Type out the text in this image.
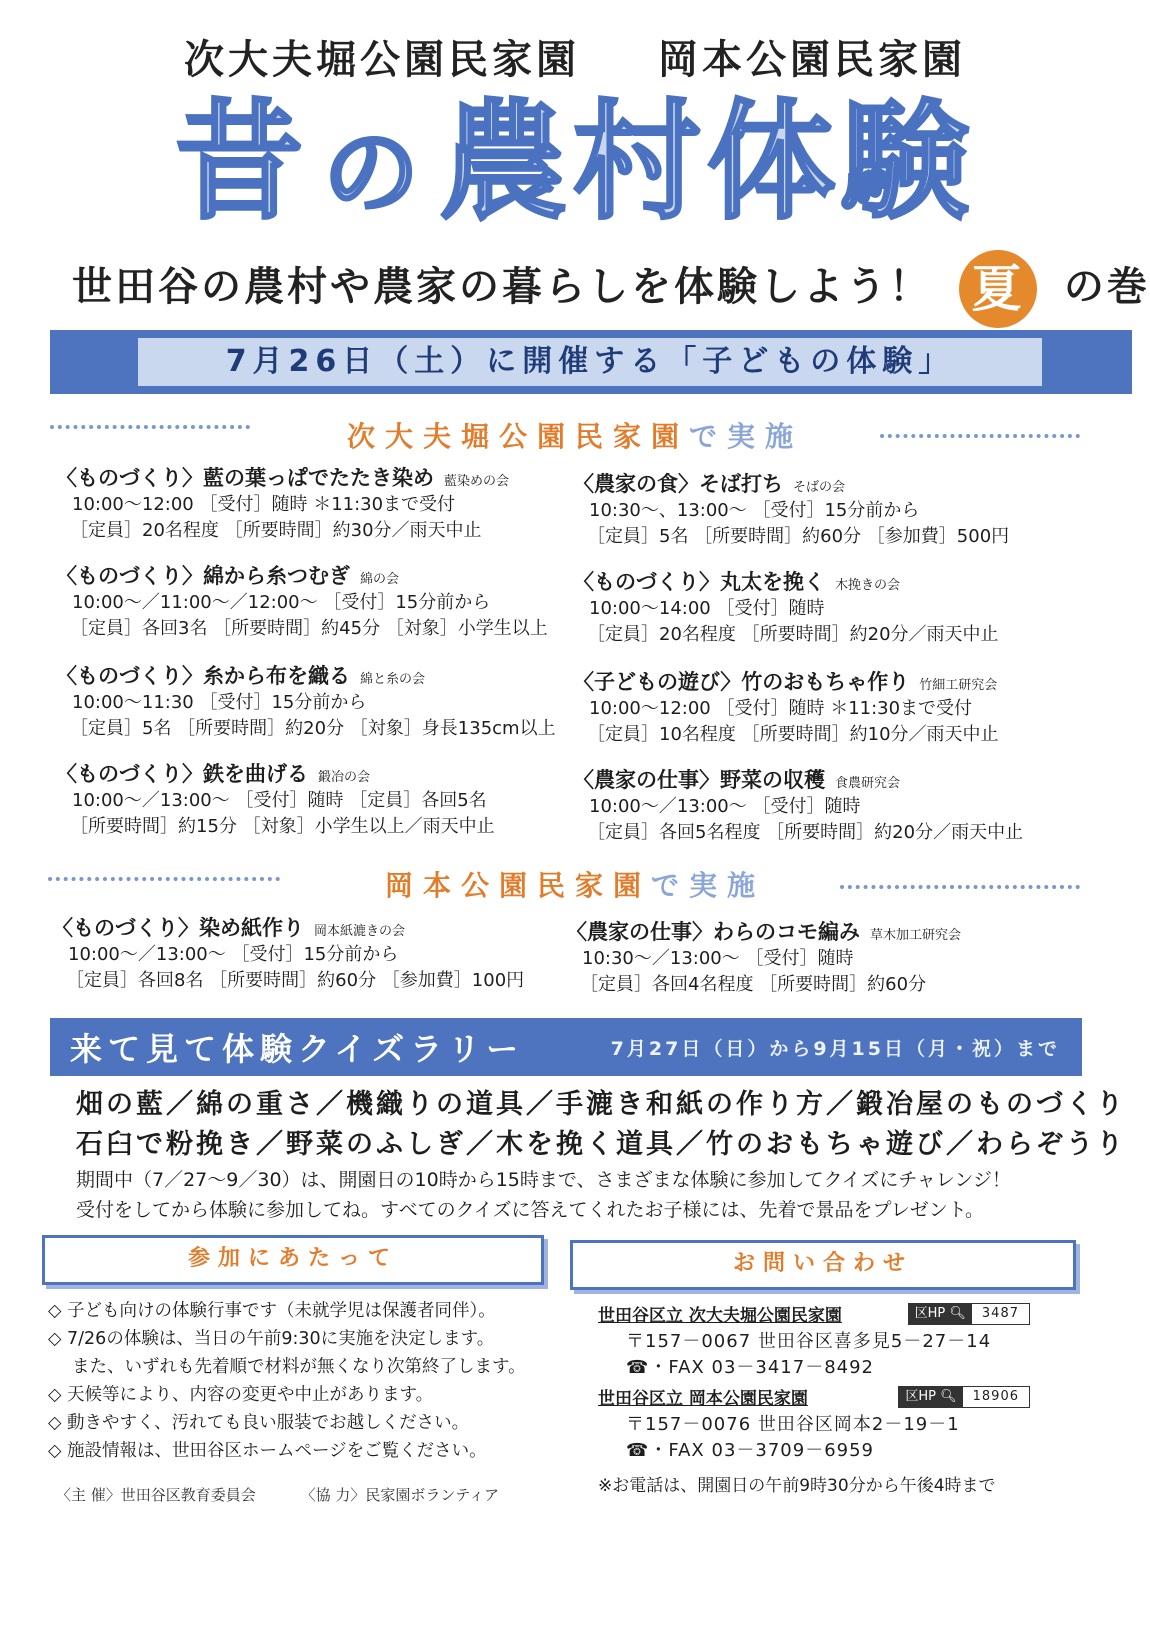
次大夫堀公園民家園 岡本公園民家園
昔 の 農村体験
世田谷の農村や農家の暮らしを体験しよう！ 夏 の巻
7月26日（土）に開催する「子どもの体験」
次大夫堀公園民家園で実施
〈ものづくり〉藍の葉っぱでたたき染め 藍染めの会
10:00～12:00 ［受付］随時 ＊11:30まで受付
［定員］20名程度 ［所要時間］約30分／雨天中止
〈ものづくり〉綿から糸つむぎ 綿の会
10:00～／11:00～／12:00～ ［受付］15分前から
［定員］各回3名 ［所要時間］約45分 ［対象］小学生以上
〈ものづくり〉糸から布を織る 綿と糸の会
10:00～11:30 ［受付］15分前から
［定員］5名 ［所要時間］約20分 ［対象］身長135cm以上
〈ものづくり〉鉄を曲げる 鍛冶の会
10:00～／13:00～ ［受付］随時 ［定員］各回5名
［所要時間］約15分 ［対象］小学生以上／雨天中止
〈農家の食〉そば打ち そばの会
10:30～、13:00～ ［受付］15分前から
［定員］5名 ［所要時間］約60分 ［参加費］500円
〈ものづくり〉丸太を挽く 木挽きの会
10:00～14:00 ［受付］随時
［定員］20名程度 ［所要時間］約20分／雨天中止
〈子どもの遊び〉竹のおもちゃ作り 竹細工研究会
10:00～12:00 ［受付］随時 ＊11:30まで受付
［定員］10名程度 ［所要時間］約10分／雨天中止
〈農家の仕事〉野菜の収穫 食農研究会
10:00～／13:00～ ［受付］随時
［定員］各回5名程度 ［所要時間］約20分／雨天中止
岡本公園民家園で実施
〈ものづくり〉染め紙作り 岡本紙漉きの会
10:00～／13:00～ ［受付］15分前から
［定員］各回8名 ［所要時間］約60分 ［参加費］100円
〈農家の仕事〉わらのコモ編み 草木加工研究会
10:30～／13:00～ ［受付］随時
［定員］各回4名程度 ［所要時間］約60分
来て見て体験クイズラリー	7月27日（日）から9月15日（月・祝）まで
畑の藍／綿の重さ／機織りの道具／手漉き和紙の作り方／鍛冶屋のものづくり
石臼で粉挽き／野菜のふしぎ／木を挽く道具／竹のおもちゃ遊び／わらぞうり
期間中（7／27～9／30）は、開園日の10時から15時まで、さまざまな体験に参加してクイズにチャレンジ！
受付をしてから体験に参加してね。すべてのクイズに答えてくれたお子様には、先着で景品をプレゼント。
参加にあたって
◇ 子ども向けの体験行事です（未就学児は保護者同伴）。
◇ 7/26の体験は、当日の午前9:30に実施を決定します。
また、いずれも先着順で材料が無くなり次第終了します。
◇ 天候等により、内容の変更や中止があります。
◇ 動きやすく、汚れても良い服装でお越しください。
◇ 施設情報は、世田谷区ホームページをご覧ください。
お問い合わせ
世田谷区立 次大夫堀公園民家園	区HP 🔍︎	3487
〒157－0067 世田谷区喜多見5－27－14
☎・FAX 03－3417－8492
世田谷区立 岡本公園民家園	区HP 🔍︎	18906
〒157－0076 世田谷区岡本2－19－1
☎・FAX 03－3709－6959
※お電話は、開園日の午前9時30分から午後4時まで
〈主 催〉世田谷区教育委員会	〈協 力〉民家園ボランティア
